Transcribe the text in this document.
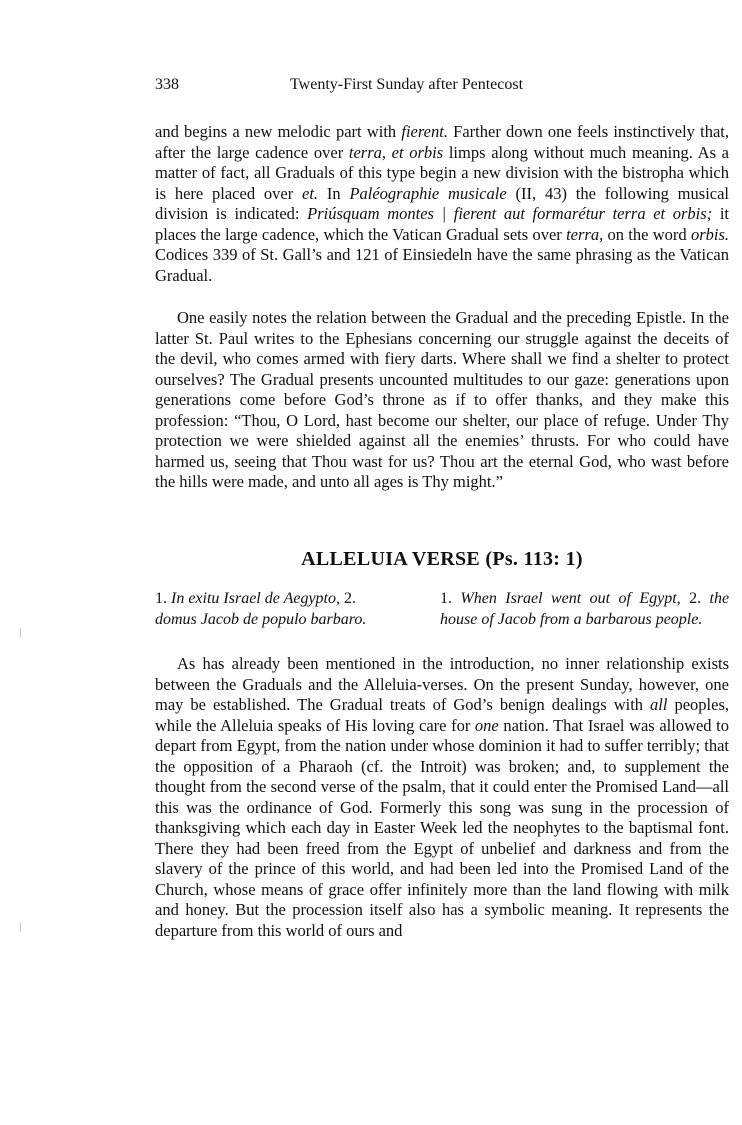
338	Twenty-First Sunday after Pentecost

and begins a new melodic part with fierent. Farther down one feels instinctively that, after the large cadence over terra, et orbis limps along without much meaning. As a matter of fact, all Graduals of this type begin a new division with the bistropha which is here placed over et. In Paléographie musicale (II, 43) the following musical division is indicated: Priúsquam montes | fierent aut formarétur terra et orbis; it places the large cadence, which the Vatican Gradual sets over terra, on the word orbis. Codices 339 of St. Gall’s and 121 of Einsiedeln have the same phrasing as the Vatican Gradual.

One easily notes the relation between the Gradual and the preceding Epistle. In the latter St. Paul writes to the Ephesians concerning our struggle against the deceits of the devil, who comes armed with fiery darts. Where shall we find a shelter to protect ourselves? The Gradual presents uncounted multitudes to our gaze: generations upon generations come before God’s throne as if to offer thanks, and they make this profession: “Thou, O Lord, hast become our shelter, our place of refuge. Under Thy protection we were shielded against all the enemies’ thrusts. For who could have harmed us, seeing that Thou wast for us? Thou art the eternal God, who wast before the hills were made, and unto all ages is Thy might.”

ALLELUIA VERSE (Ps. 113: 1)
1. In exitu Israel de Aegypto, 2.
domus Jacob de populo barbaro.
1. When Israel went out of Egypt, 2. the house of Jacob from a barbarous people.

As has already been mentioned in the introduction, no inner relationship exists between the Graduals and the Alleluia-verses. On the present Sunday, however, one may be established. The Gradual treats of God’s benign dealings with all peoples, while the Alleluia speaks of His loving care for one nation. That Israel was allowed to depart from Egypt, from the nation under whose dominion it had to suffer terribly; that the opposition of a Pharaoh (cf. the Introit) was broken; and, to supplement the thought from the second verse of the psalm, that it could enter the Promised Land—all this was the ordinance of God. Formerly this song was sung in the procession of thanksgiving which each day in Easter Week led the neophytes to the baptismal font. There they had been freed from the Egypt of unbelief and darkness and from the slavery of the prince of this world, and had been led into the Promised Land of the Church, whose means of grace offer infinitely more than the land flowing with milk and honey. But the procession itself also has a symbolic meaning. It represents the departure from this world of ours and
